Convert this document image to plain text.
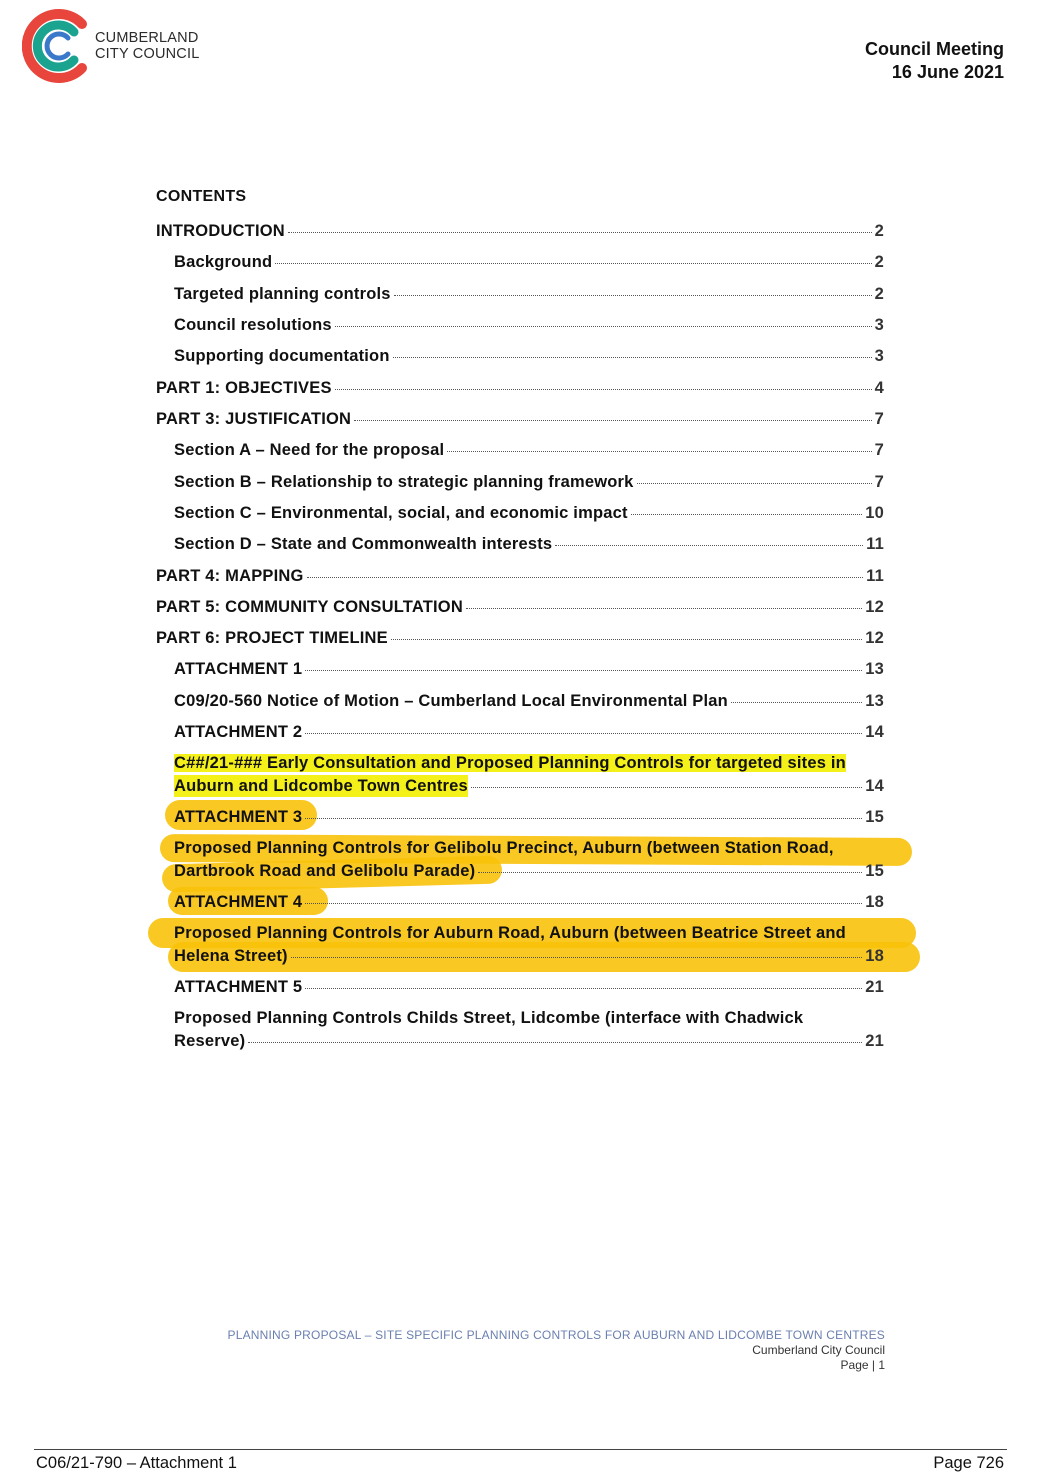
CUMBERLAND
CITY COUNCIL	Council Meeting
16 June 2021
CONTENTS
INTRODUCTION	2
Background	2
Targeted planning controls	2
Council resolutions	3
Supporting documentation	3
PART 1: OBJECTIVES	4
PART 3: JUSTIFICATION	7
Section A – Need for the proposal	7
Section B – Relationship to strategic planning framework	7
Section C – Environmental, social, and economic impact	10
Section D – State and Commonwealth interests	11
PART 4: MAPPING	11
PART 5: COMMUNITY CONSULTATION	12
PART 6: PROJECT TIMELINE	12
ATTACHMENT 1	13
C09/20-560 Notice of Motion – Cumberland Local Environmental Plan	13
ATTACHMENT 2	14
C##/21-### Early Consultation and Proposed Planning Controls for targeted sites in
Auburn and Lidcombe Town Centres	14
ATTACHMENT 3	15
Proposed Planning Controls for Gelibolu Precinct, Auburn (between Station Road,
Dartbrook Road and Gelibolu Parade)	15
ATTACHMENT 4	18
Proposed Planning Controls for Auburn Road, Auburn (between Beatrice Street and
Helena Street)	18
ATTACHMENT 5	21
Proposed Planning Controls Childs Street, Lidcombe (interface with Chadwick
Reserve)	21
PLANNING PROPOSAL – SITE SPECIFIC PLANNING CONTROLS FOR AUBURN AND LIDCOMBE TOWN CENTRES
Cumberland City Council
Page | 1
C06/21-790 – Attachment 1	Page 726
